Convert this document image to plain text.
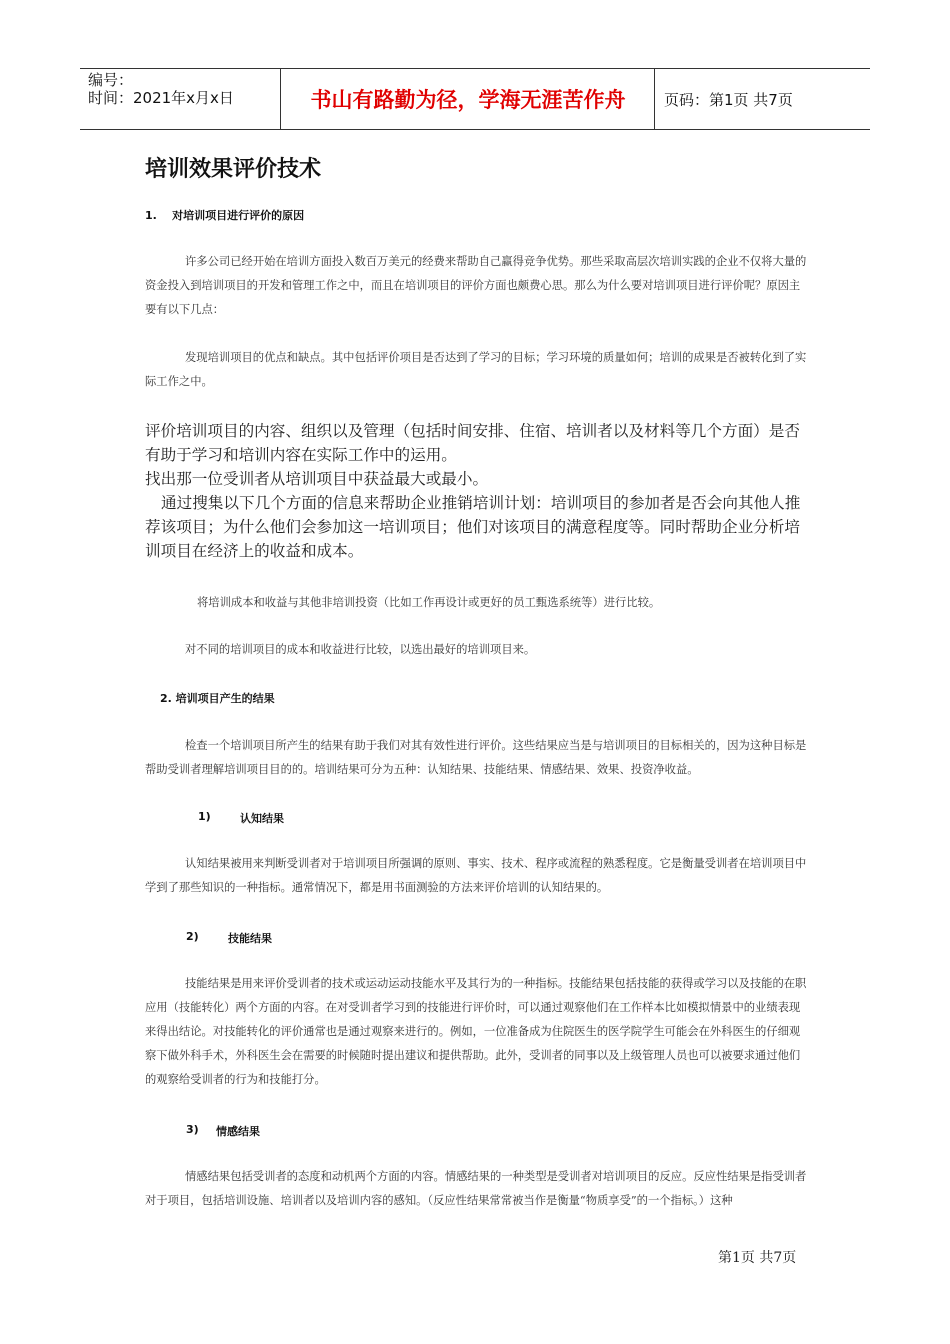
编号：
时间：2021年x月x日	书山有路勤为径，学海无涯苦作舟	页码：第1页 共7页
培训效果评价技术
1.    对培训项目进行评价的原因
许多公司已经开始在培训方面投入数百万美元的经费来帮助自己赢得竞争优势。那些采取高层次培训实践的企业不仅将大量的资金投入到培训项目的开发和管理工作之中，而且在培训项目的评价方面也颇费心思。那么为什么要对培训项目进行评价呢？原因主要有以下几点：
发现培训项目的优点和缺点。其中包括评价项目是否达到了学习的目标；学习环境的质量如何；培训的成果是否被转化到了实际工作之中。
评价培训项目的内容、组织以及管理（包括时间安排、住宿、培训者以及材料等几个方面）是否有助于学习和培训内容在实际工作中的运用。
找出那一位受训者从培训项目中获益最大或最小。
通过搜集以下几个方面的信息来帮助企业推销培训计划：培训项目的参加者是否会向其他人推荐该项目；为什么他们会参加这一培训项目；他们对该项目的满意程度等。同时帮助企业分析培训项目在经济上的收益和成本。
将培训成本和收益与其他非培训投资（比如工作再设计或更好的员工甄选系统等）进行比较。
对不同的培训项目的成本和收益进行比较，以选出最好的培训项目来。
2. 培训项目产生的结果
检查一个培训项目所产生的结果有助于我们对其有效性进行评价。这些结果应当是与培训项目的目标相关的，因为这种目标是帮助受训者理解培训项目目的的。培训结果可分为五种：认知结果、技能结果、情感结果、效果、投资净收益。
1)	认知结果
认知结果被用来判断受训者对于培训项目所强调的原则、事实、技术、程序或流程的熟悉程度。它是衡量受训者在培训项目中学到了那些知识的一种指标。通常情况下，都是用书面测验的方法来评价培训的认知结果的。
2)	技能结果
技能结果是用来评价受训者的技术或运动运动技能水平及其行为的一种指标。技能结果包括技能的获得或学习以及技能的在职应用（技能转化）两个方面的内容。在对受训者学习到的技能进行评价时，可以通过观察他们在工作样本比如模拟情景中的业绩表现来得出结论。对技能转化的评价通常也是通过观察来进行的。例如，一位准备成为住院医生的医学院学生可能会在外科医生的仔细观察下做外科手术，外科医生会在需要的时候随时提出建议和提供帮助。此外，受训者的同事以及上级管理人员也可以被要求通过他们的观察给受训者的行为和技能打分。
3) 情感结果
情感结果包括受训者的态度和动机两个方面的内容。情感结果的一种类型是受训者对培训项目的反应。反应性结果是指受训者对于项目，包括培训设施、培训者以及培训内容的感知。（反应性结果常常被当作是衡量“物质享受”的一个指标。）这种
第1页 共7页
